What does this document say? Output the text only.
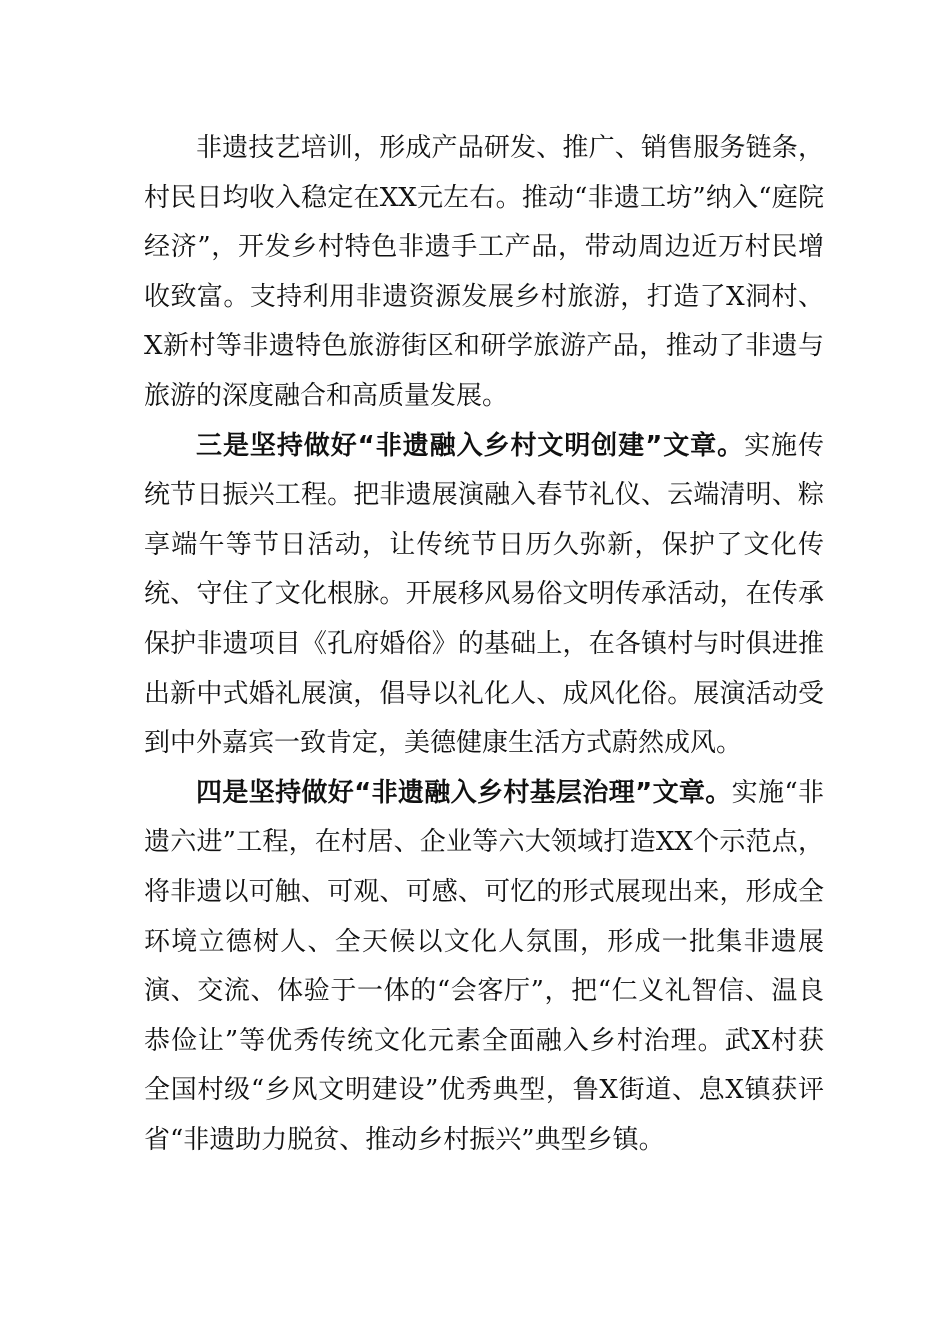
非遗技艺培训，形成产品研发、推广、销售服务链条，村民日均收入稳定在XX元左右。推动“非遗工坊”纳入“庭院经济”，开发乡村特色非遗手工产品，带动周边近万村民增收致富。支持利用非遗资源发展乡村旅游，打造了X洞村、X新村等非遗特色旅游街区和研学旅游产品，推动了非遗与旅游的深度融合和高质量发展。

三是坚持做好“非遗融入乡村文明创建”文章。实施传统节日振兴工程。把非遗展演融入春节礼仪、云端清明、粽享端午等节日活动，让传统节日历久弥新，保护了文化传统、守住了文化根脉。开展移风易俗文明传承活动，在传承保护非遗项目《孔府婚俗》的基础上，在各镇村与时俱进推出新中式婚礼展演，倡导以礼化人、成风化俗。展演活动受到中外嘉宾一致肯定，美德健康生活方式蔚然成风。

四是坚持做好“非遗融入乡村基层治理”文章。实施“非遗六进”工程，在村居、企业等六大领域打造XX个示范点，将非遗以可触、可观、可感、可忆的形式展现出来，形成全环境立德树人、全天候以文化人氛围，形成一批集非遗展演、交流、体验于一体的“会客厅”，把“仁义礼智信、温良恭俭让”等优秀传统文化元素全面融入乡村治理。武X村获全国村级“乡风文明建设”优秀典型，鲁X街道、息X镇获评省“非遗助力脱贫、推动乡村振兴”典型乡镇。
